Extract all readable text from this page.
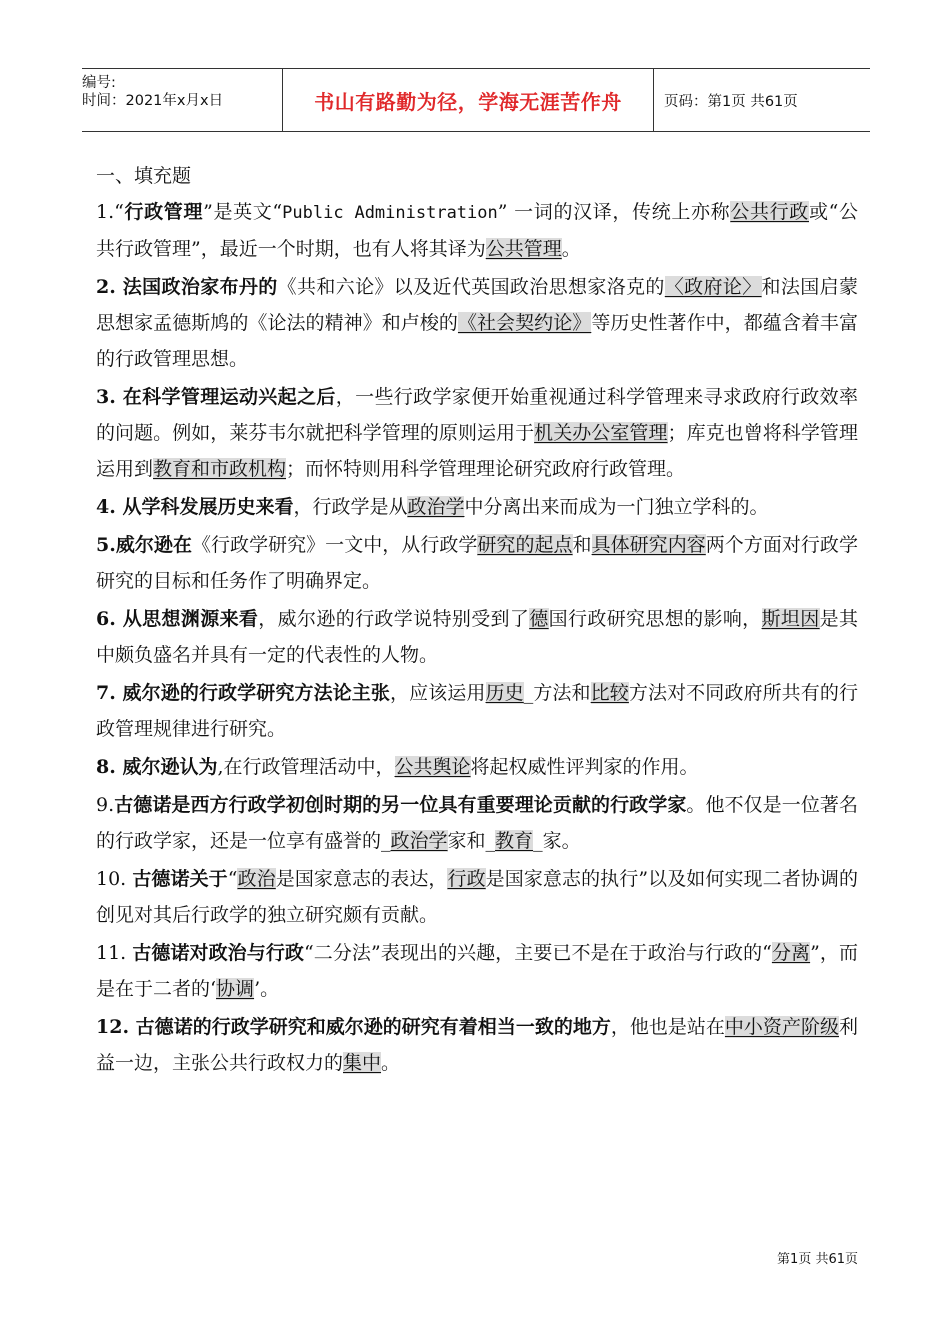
编号:
时间：2021年x月x日	书山有路勤为径，学海无涯苦作舟	页码：第1页 共61页
一、填充题

1.“行政管理”是英文“Public Administration” 一词的汉译，传统上亦称公共行政或“公共行政管理”，最近一个时期，也有人将其译为公共管理。

2. 法国政治家布丹的《共和六论》以及近代英国政治思想家洛克的〈政府论〉和法国启蒙思想家孟德斯鸠的《论法的精神》和卢梭的《社会契约论》等历史性著作中，都蕴含着丰富的行政管理思想。

3. 在科学管理运动兴起之后，一些行政学家便开始重视通过科学管理来寻求政府行政效率的问题。例如，莱芬韦尔就把科学管理的原则运用于机关办公室管理；库克也曾将科学管理运用到教育和市政机构；而怀特则用科学管理理论研究政府行政管理。

4. 从学科发展历史来看，行政学是从政治学中分离出来而成为一门独立学科的。

5.威尔逊在《行政学研究》一文中，从行政学研究的起点和具体研究内容两个方面对行政学研究的目标和任务作了明确界定。

6. 从思想渊源来看，威尔逊的行政学说特别受到了德国行政研究思想的影响，斯坦因是其中颇负盛名并具有一定的代表性的人物。

7. 威尔逊的行政学研究方法论主张，应该运用历史_方法和比较方法对不同政府所共有的行政管理规律进行研究。

8. 威尔逊认为,在行政管理活动中，公共舆论将起权威性评判家的作用。

9.古德诺是西方行政学初创时期的另一位具有重要理论贡献的行政学家。他不仅是一位著名的行政学家，还是一位享有盛誉的_政治学家和_教育_家。

10. 古德诺关于“政治是国家意志的表达，行政是国家意志的执行”以及如何实现二者协调的创见对其后行政学的独立研究颇有贡献。

11. 古德诺对政治与行政“二分法”表现出的兴趣，主要已不是在于政治与行政的“分离”，而是在于二者的‘协调’。

12. 古德诺的行政学研究和威尔逊的研究有着相当一致的地方，他也是站在中小资产阶级利益一边，主张公共行政权力的集中。

第1页 共61页
